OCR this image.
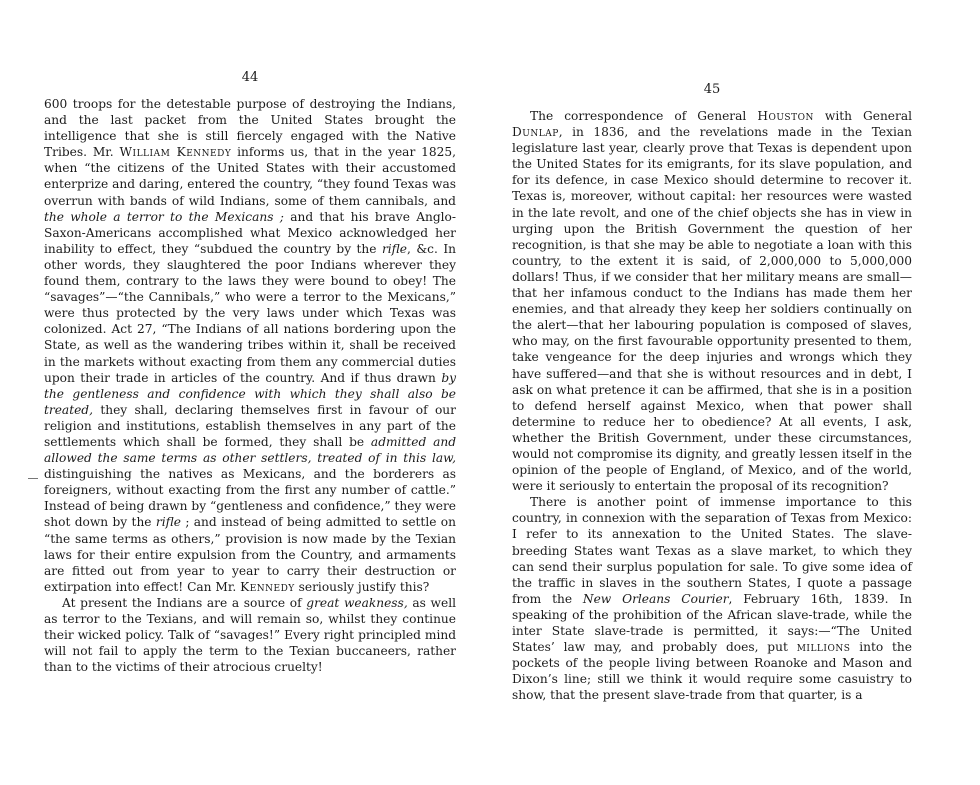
44

600 troops for the detestable purpose of destroying the Indians, and the last packet from the United States brought the intelligence that she is still fiercely engaged with the Native Tribes. Mr. William Kennedy informs us, that in the year 1825, when “the citizens of the United States with their accustomed enterprize and daring, entered the country, “they found Texas was overrun with bands of wild Indians, some of them cannibals, and the whole a terror to the Mexicans ; and that his brave Anglo-Saxon-Americans accomplished what Mexico acknowledged her inability to effect, they “subdued the country by the rifle, &c. In other words, they slaughtered the poor Indians wherever they found them, contrary to the laws they were bound to obey! The “savages”—“the Cannibals,” who were a terror to the Mexicans,” were thus protected by the very laws under which Texas was colonized. Act 27, “The Indians of all nations bordering upon the State, as well as the wandering tribes within it, shall be received in the markets without exacting from them any commercial duties upon their trade in articles of the country. And if thus drawn by the gentleness and confidence with which they shall also be treated, they shall, declaring themselves first in favour of our religion and institutions, establish themselves in any part of the settlements which shall be formed, they shall be admitted and allowed the same terms as other settlers, treated of in this law, distinguishing the natives as Mexicans, and the borderers as foreigners, without exacting from the first any number of cattle.” Instead of being drawn by “gentleness and confidence,” they were shot down by the rifle ; and instead of being admitted to settle on “the same terms as others,” provision is now made by the Texian laws for their entire expulsion from the Country, and armaments are fitted out from year to year to carry their destruction or extirpation into effect! Can Mr. Kennedy seriously justify this?

At present the Indians are a source of great weakness, as well as terror to the Texians, and will remain so, whilst they continue their wicked policy. Talk of “savages!” Every right principled mind will not fail to apply the term to the Texian buccaneers, rather than to the victims of their atrocious cruelty!

45

The correspondence of General Houston with General Dunlap, in 1836, and the revelations made in the Texian legislature last year, clearly prove that Texas is dependent upon the United States for its emigrants, for its slave population, and for its defence, in case Mexico should determine to recover it. Texas is, moreover, without capital: her resources were wasted in the late revolt, and one of the chief objects she has in view in urging upon the British Government the question of her recognition, is that she may be able to negotiate a loan with this country, to the extent it is said, of 2,000,000 to 5,000,000 dollars! Thus, if we consider that her military means are small—that her infamous conduct to the Indians has made them her enemies, and that already they keep her soldiers continually on the alert—that her labouring population is composed of slaves, who may, on the first favourable opportunity presented to them, take vengeance for the deep injuries and wrongs which they have suffered—and that she is without resources and in debt, I ask on what pretence it can be affirmed, that she is in a position to defend herself against Mexico, when that power shall determine to reduce her to obedience? At all events, I ask, whether the British Government, under these circumstances, would not compromise its dignity, and greatly lessen itself in the opinion of the people of England, of Mexico, and of the world, were it seriously to entertain the proposal of its recognition?

There is another point of immense importance to this country, in connexion with the separation of Texas from Mexico: I refer to its annexation to the United States. The slave-breeding States want Texas as a slave market, to which they can send their surplus population for sale. To give some idea of the traffic in slaves in the southern States, I quote a passage from the New Orleans Courier, February 16th, 1839. In speaking of the prohibition of the African slave-trade, while the inter State slave-trade is permitted, it says:—“The United States’ law may, and probably does, put millions into the pockets of the people living between Roanoke and Mason and Dixon’s line; still we think it would require some casuistry to show, that the present slave-trade from that quarter, is a
